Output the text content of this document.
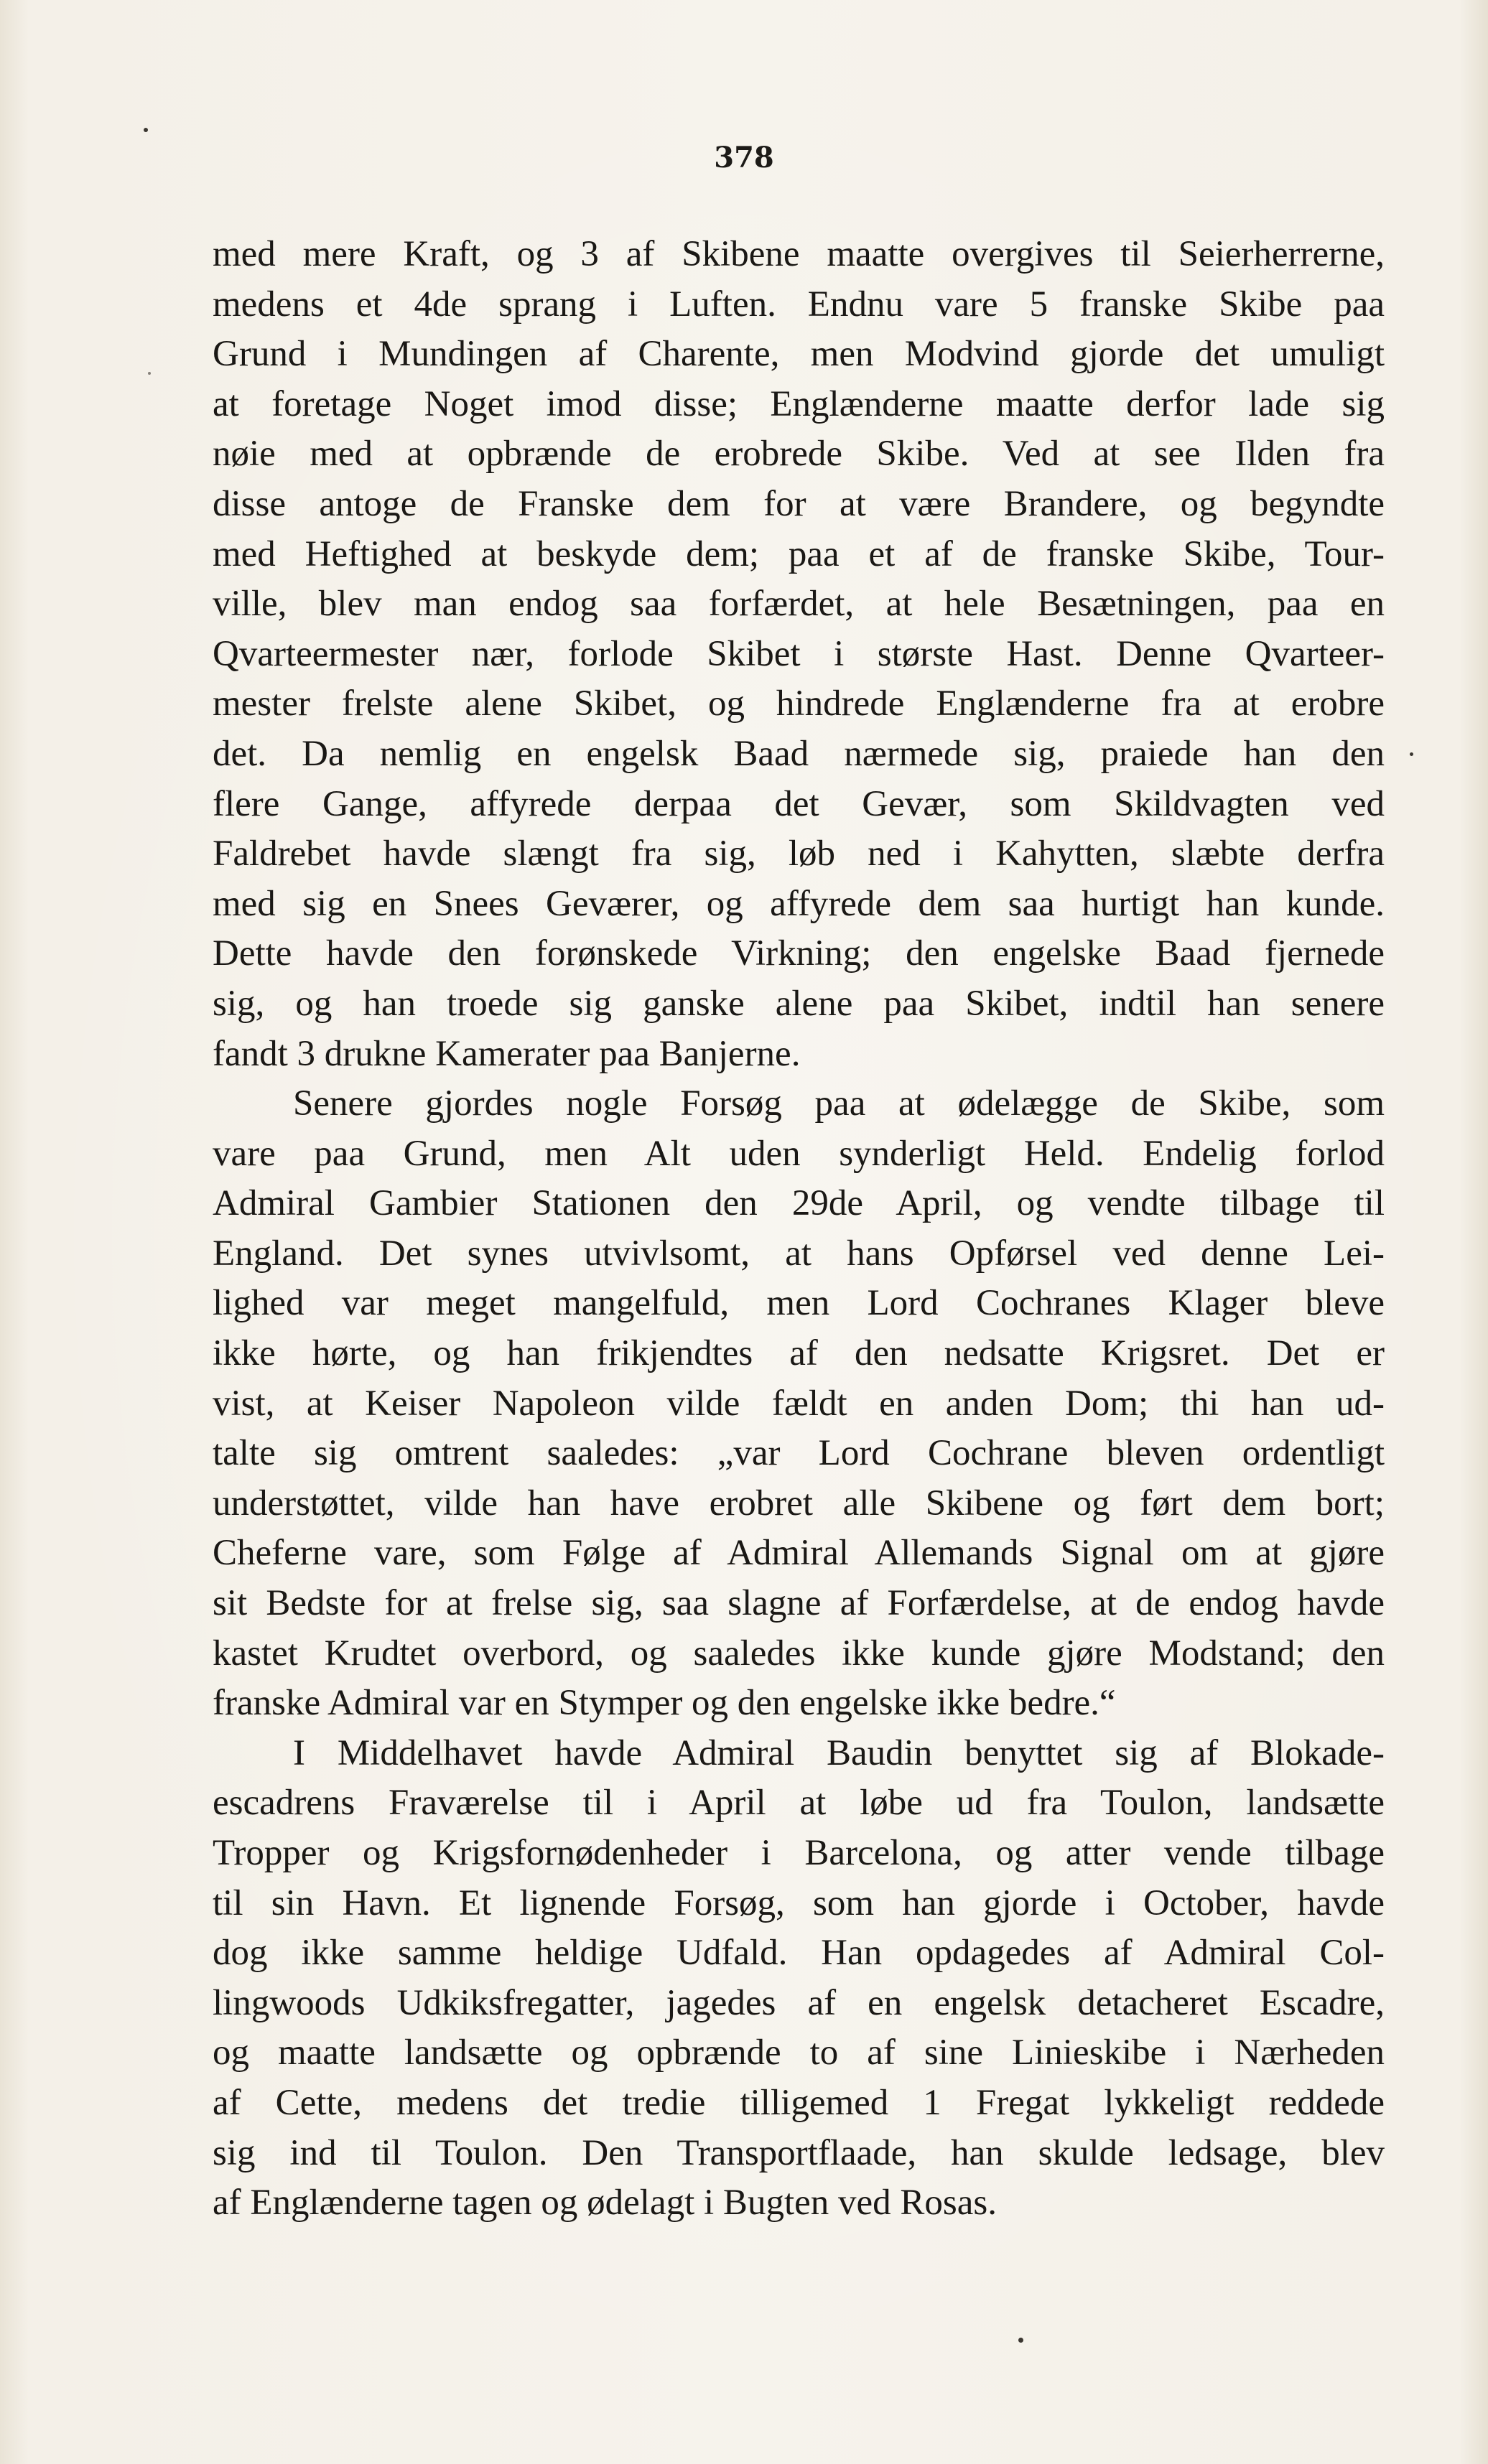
378
med mere Kraft, og 3 af Skibene maatte overgives til Seierherrerne,
medens et 4de sprang i Luften. Endnu vare 5 franske Skibe paa
Grund i Mundingen af Charente, men Modvind gjorde det umuligt
at foretage Noget imod disse; Englænderne maatte derfor lade sig
nøie med at opbrænde de erobrede Skibe. Ved at see Ilden fra
disse antoge de Franske dem for at være Brandere, og begyndte
med Heftighed at beskyde dem; paa et af de franske Skibe, Tour-
ville, blev man endog saa forfærdet, at hele Besætningen, paa en
Qvarteermester nær, forlode Skibet i største Hast. Denne Qvarteer-
mester frelste alene Skibet, og hindrede Englænderne fra at erobre
det. Da nemlig en engelsk Baad nærmede sig, praiede han den
flere Gange, affyrede derpaa det Gevær, som Skildvagten ved
Faldrebet havde slængt fra sig, løb ned i Kahytten, slæbte derfra
med sig en Snees Geværer, og affyrede dem saa hurtigt han kunde.
Dette havde den forønskede Virkning; den engelske Baad fjernede
sig, og han troede sig ganske alene paa Skibet, indtil han senere
fandt 3 drukne Kamerater paa Banjerne.
Senere gjordes nogle Forsøg paa at ødelægge de Skibe, som
vare paa Grund, men Alt uden synderligt Held. Endelig forlod
Admiral Gambier Stationen den 29de April, og vendte tilbage til
England. Det synes utvivlsomt, at hans Opførsel ved denne Lei-
lighed var meget mangelfuld, men Lord Cochranes Klager bleve
ikke hørte, og han frikjendtes af den nedsatte Krigsret. Det er
vist, at Keiser Napoleon vilde fældt en anden Dom; thi han ud-
talte sig omtrent saaledes: „var Lord Cochrane bleven ordentligt
understøttet, vilde han have erobret alle Skibene og ført dem bort;
Cheferne vare, som Følge af Admiral Allemands Signal om at gjøre
sit Bedste for at frelse sig, saa slagne af Forfærdelse, at de endog havde
kastet Krudtet overbord, og saaledes ikke kunde gjøre Modstand; den
franske Admiral var en Stymper og den engelske ikke bedre.“
I Middelhavet havde Admiral Baudin benyttet sig af Blokade-
escadrens Fraværelse til i April at løbe ud fra Toulon, landsætte
Tropper og Krigsfornødenheder i Barcelona, og atter vende tilbage
til sin Havn. Et lignende Forsøg, som han gjorde i October, havde
dog ikke samme heldige Udfald. Han opdagedes af Admiral Col-
lingwoods Udkiksfregatter, jagedes af en engelsk detacheret Escadre,
og maatte landsætte og opbrænde to af sine Linieskibe i Nærheden
af Cette, medens det tredie tilligemed 1 Fregat lykkeligt reddede
sig ind til Toulon. Den Transportflaade, han skulde ledsage, blev
af Englænderne tagen og ødelagt i Bugten ved Rosas.
